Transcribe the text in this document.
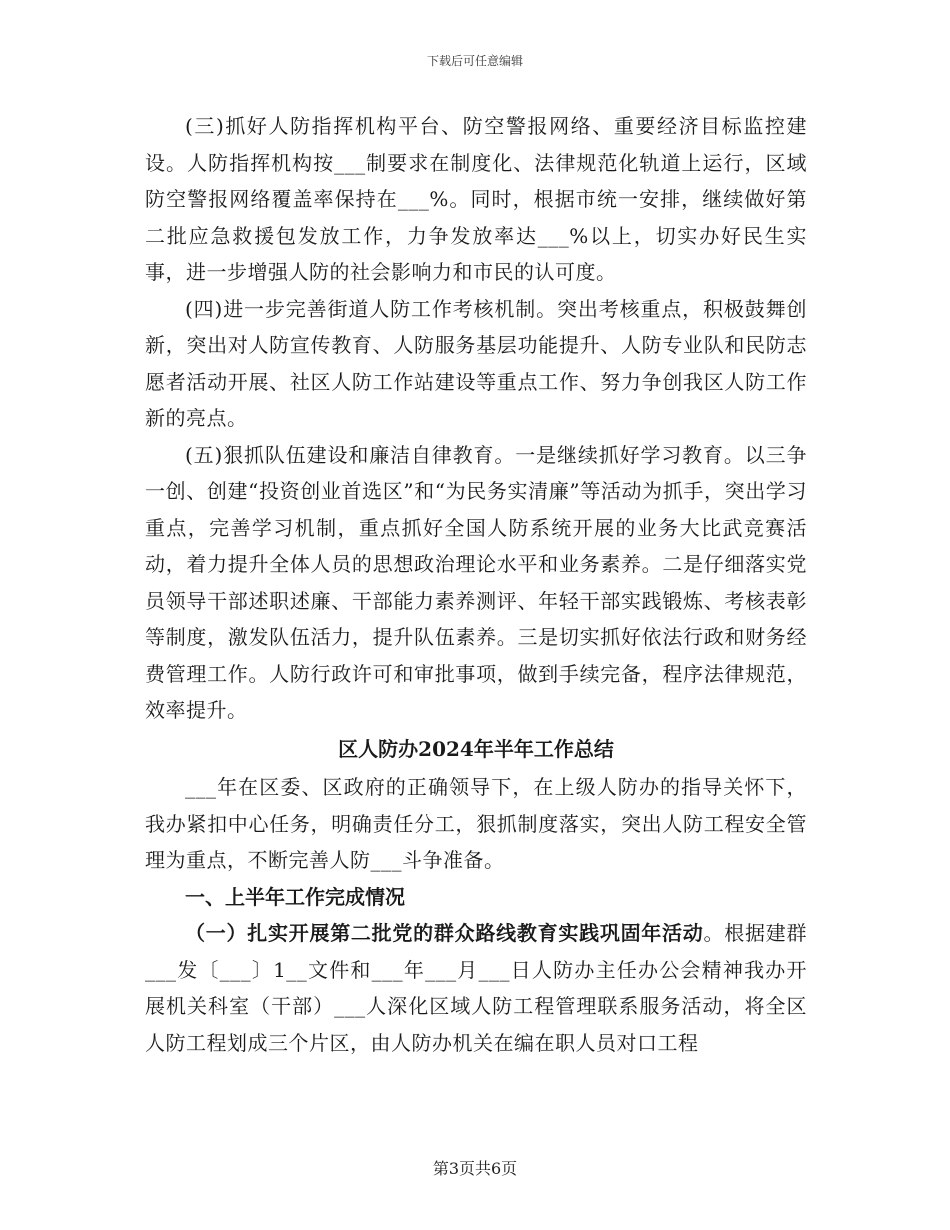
下载后可任意编辑

(三)抓好人防指挥机构平台、防空警报网络、重要经济目标监控建设。人防指挥机构按___制要求在制度化、法律规范化轨道上运行，区域防空警报网络覆盖率保持在___%。同时，根据市统一安排，继续做好第二批应急救援包发放工作，力争发放率达___%以上，切实办好民生实事，进一步增强人防的社会影响力和市民的认可度。

(四)进一步完善街道人防工作考核机制。突出考核重点，积极鼓舞创新，突出对人防宣传教育、人防服务基层功能提升、人防专业队和民防志愿者活动开展、社区人防工作站建设等重点工作、努力争创我区人防工作新的亮点。

(五)狠抓队伍建设和廉洁自律教育。一是继续抓好学习教育。以三争一创、创建“投资创业首选区”和“为民务实清廉”等活动为抓手，突出学习重点，完善学习机制，重点抓好全国人防系统开展的业务大比武竞赛活动，着力提升全体人员的思想政治理论水平和业务素养。二是仔细落实党员领导干部述职述廉、干部能力素养测评、年轻干部实践锻炼、考核表彰等制度，激发队伍活力，提升队伍素养。三是切实抓好依法行政和财务经费管理工作。人防行政许可和审批事项，做到手续完备，程序法律规范，效率提升。

区人防办2024年半年工作总结

___年在区委、区政府的正确领导下，在上级人防办的指导关怀下，我办紧扣中心任务，明确责任分工，狠抓制度落实，突出人防工程安全管理为重点，不断完善人防___斗争准备。

一、上半年工作完成情况

（一）扎实开展第二批党的群众路线教育实践巩固年活动。根据建群___发〔___〕1__文件和___年___月___日人防办主任办公会精神我办开展机关科室（干部）___人深化区域人防工程管理联系服务活动，将全区人防工程划成三个片区，由人防办机关在编在职人员对口工程

第3页共6页
